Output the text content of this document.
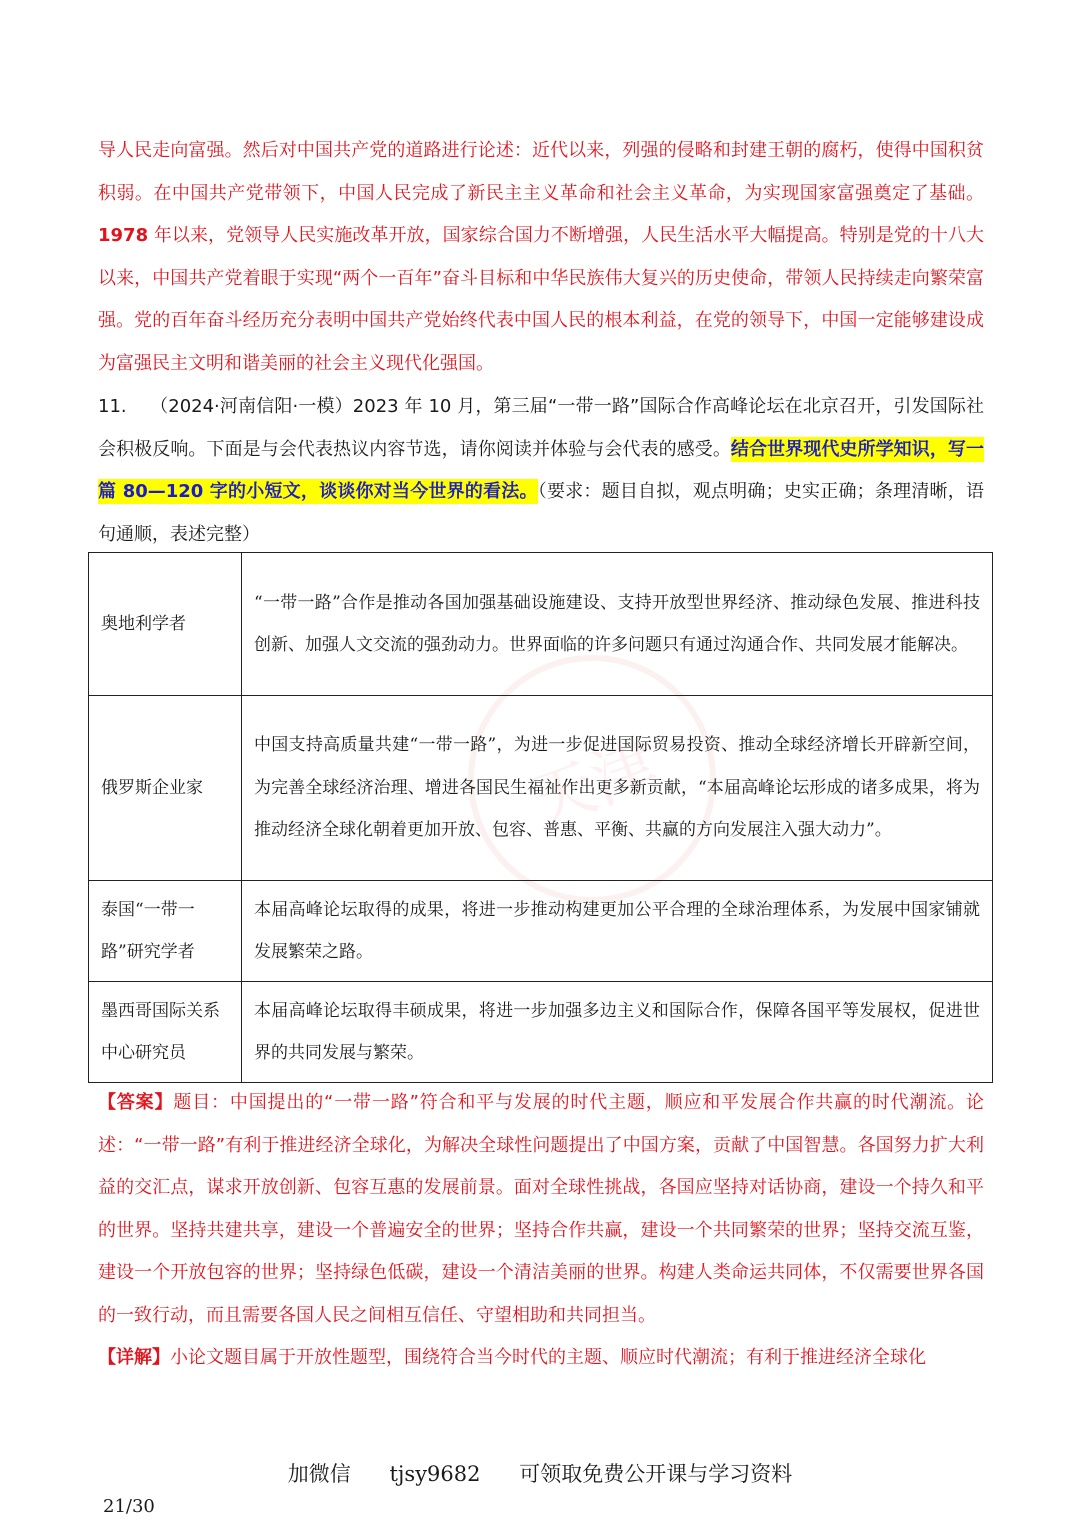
导人民走向富强。然后对中国共产党的道路进行论述：近代以来，列强的侵略和封建王朝的腐朽，使得中国积贫积弱。在中国共产党带领下，中国人民完成了新民主主义革命和社会主义革命，为实现国家富强奠定了基础。1978 年以来，党领导人民实施改革开放，国家综合国力不断增强，人民生活水平大幅提高。特别是党的十八大以来，中国共产党着眼于实现“两个一百年”奋斗目标和中华民族伟大复兴的历史使命，带领人民持续走向繁荣富强。党的百年奋斗经历充分表明中国共产党始终代表中国人民的根本利益，在党的领导下，中国一定能够建设成为富强民主文明和谐美丽的社会主义现代化强国。

11. （2024·河南信阳·一模）2023 年 10 月，第三届“一带一路”国际合作高峰论坛在北京召开，引发国际社会积极反响。下面是与会代表热议内容节选，请你阅读并体验与会代表的感受。结合世界现代史所学知识，写一篇 80—120 字的小短文，谈谈你对当今世界的看法。（要求：题目自拟，观点明确；史实正确；条理清晰，语句通顺，表述完整）

天津
奥地利学者	“一带一路”合作是推动各国加强基础设施建设、支持开放型世界经济、推动绿色发展、推进科技创新、加强人文交流的强劲动力。世界面临的许多问题只有通过沟通合作、共同发展才能解决。
俄罗斯企业家	中国支持高质量共建“一带一路”，为进一步促进国际贸易投资、推动全球经济增长开辟新空间，为完善全球经济治理、增进各国民生福祉作出更多新贡献，“本届高峰论坛形成的诸多成果，将为推动经济全球化朝着更加开放、包容、普惠、平衡、共赢的方向发展注入强大动力”。
泰国“一带一路”研究学者	本届高峰论坛取得的成果，将进一步推动构建更加公平合理的全球治理体系，为发展中国家铺就发展繁荣之路。
墨西哥国际关系中心研究员	本届高峰论坛取得丰硕成果，将进一步加强多边主义和国际合作，保障各国平等发展权，促进世界的共同发展与繁荣。

【答案】题目：中国提出的“一带一路”符合和平与发展的时代主题，顺应和平发展合作共赢的时代潮流。论述：“一带一路”有利于推进经济全球化，为解决全球性问题提出了中国方案，贡献了中国智慧。各国努力扩大利益的交汇点，谋求开放创新、包容互惠的发展前景。面对全球性挑战，各国应坚持对话协商，建设一个持久和平的世界。坚持共建共享，建设一个普遍安全的世界；坚持合作共赢，建设一个共同繁荣的世界；坚持交流互鉴，建设一个开放包容的世界；坚持绿色低碳，建设一个清洁美丽的世界。构建人类命运共同体，不仅需要世界各国的一致行动，而且需要各国人民之间相互信任、守望相助和共同担当。

【详解】小论文题目属于开放性题型，围绕符合当今时代的主题、顺应时代潮流；有利于推进经济全球化

加微信 tjsy9682 可领取免费公开课与学习资料
21/30
